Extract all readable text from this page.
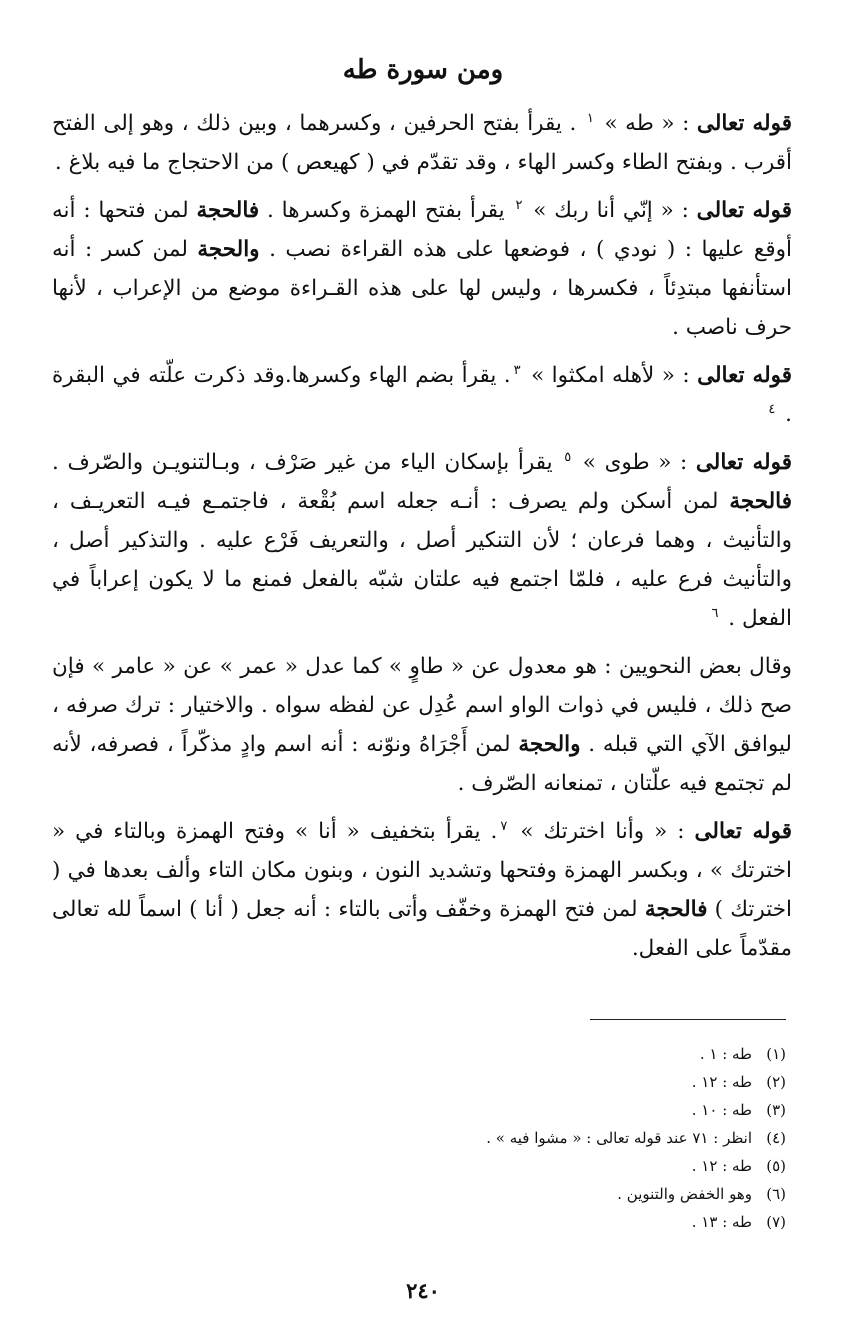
ومن سورة طه

قوله تعالى : « طه » $^١$ . يقرأ بفتح الحرفين ، وكسرهما ، وبين ذلك ، وهو إلى الفتح أقرب . وبفتح الطاء وكسر الهاء ، وقد تقدّم في ( كهيعص ) من الاحتجاج ما فيه بلاغ .

قوله تعالى : « إنّي أنا ربك » $^٢$ يقرأ بفتح الهمزة وكسرها . فالحجة لمن فتحها : أنه أوقع عليها : ( نودي ) ، فوضعها على هذه القراءة نصب . والحجة لمن كسر : أنه استأنفها مبتدِئاً ، فكسرها ، وليس لها على هذه القـراءة موضع من الإعراب ، لأنها حرف ناصب .

قوله تعالى : « لأهله امكثوا » $^٣$. يقرأ بضم الهاء وكسرها.وقد ذكرت علّته في البقرة . $^٤$

قوله تعالى : « طوى » $^٥$ يقرأ بإسكان الياء من غير صَرْف ، وبـالتنويـن والصّرف . فالحجة لمن أسكن ولم يصرف : أنـه جعله اسم بُقْعة ، فاجتمـع فيـه التعريـف ، والتأنيث ، وهما فرعان ؛ لأن التنكير أصل ، والتعريف فَرْع عليه . والتذكير أصل ، والتأنيث فرع عليه ، فلمّا اجتمع فيه علتان شبّه بالفعل فمنع ما لا يكون إعراباً في الفعل . $^٦$

وقال بعض النحويين : هو معدول عن « طاوٍ » كما عدل « عمر » عن « عامر » فإن صح ذلك ، فليس في ذوات الواو اسم عُدِل عن لفظه سواه . والاختيار : ترك صرفه ، ليوافق الآي التي قبله . والحجة لمن أَجْرَاهُ ونوّنه : أنه اسم وادٍ مذكّراً ، فصرفه، لأنه لم تجتمع فيه علّتان ، تمنعانه الصّرف .

قوله تعالى : « وأنا اخترتك » $^٧$. يقرأ بتخفيف « أنا » وفتح الهمزة وبالتاء في « اخترتك » ، وبكسر الهمزة وفتحها وتشديد النون ، وبنون مكان التاء وألف بعدها في ( اخترتك ) فالحجة لمن فتح الهمزة وخفّف وأتى بالتاء : أنه جعل ( أنا ) اسماً لله تعالى مقدّماً على الفعل.

(١)طه : ١ .
(٢)طه : ١٢ .
(٣)طه : ١٠ .
(٤)انظر : ٧١ عند قوله تعالى : « مشوا فيه » .
(٥)طه : ١٢ .
(٦)وهو الخفض والتنوين .
(٧)طه : ١٣ .
٢٤٠
